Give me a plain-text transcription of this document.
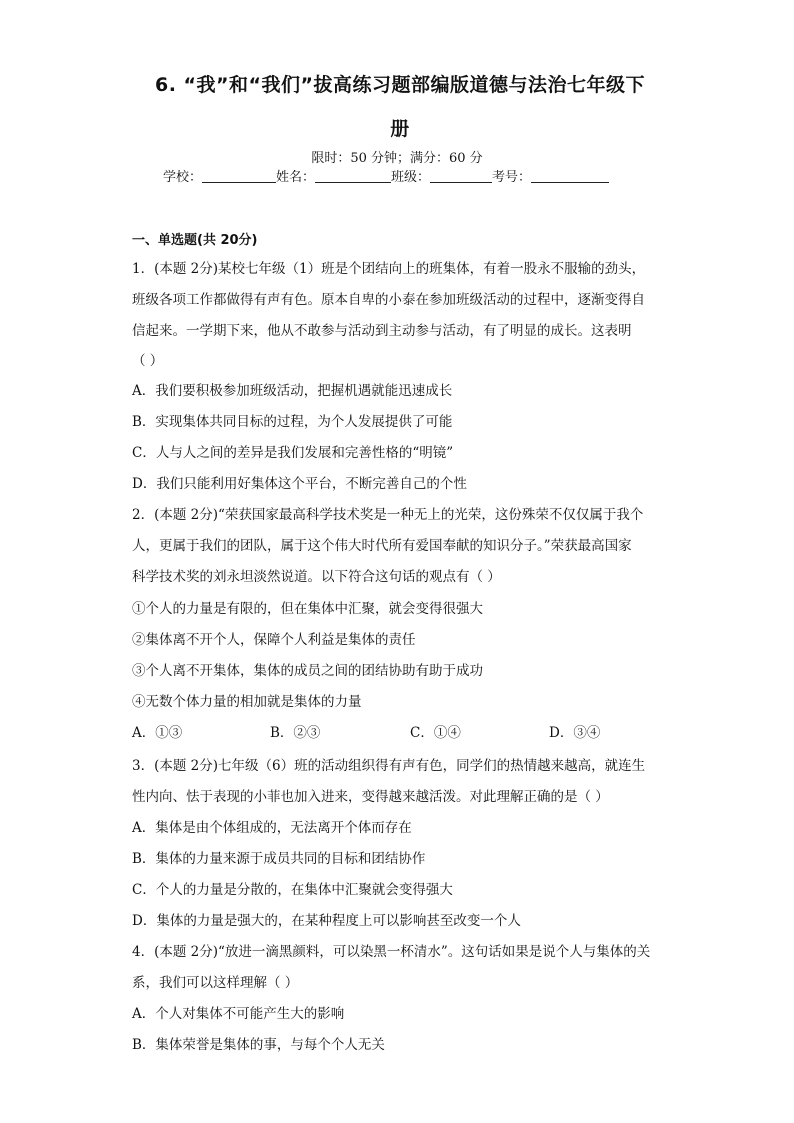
6. “我”和“我们”拔高练习题部编版道德与法治七年级下
册
限时：50 分钟；满分：60 分
学校：	姓名：	班级：	考号：
一、单选题(共 20分)
1．(本题 2分)某校七年级（1）班是个团结向上的班集体，有着一股永不服输的劲头，
班级各项工作都做得有声有色。原本自卑的小泰在参加班级活动的过程中，逐渐变得自
信起来。一学期下来，他从不敢参与活动到主动参与活动，有了明显的成长。这表明
（ ）
A．我们要积极参加班级活动，把握机遇就能迅速成长
B．实现集体共同目标的过程，为个人发展提供了可能
C．人与人之间的差异是我们发展和完善性格的“明镜”
D．我们只能利用好集体这个平台，不断完善自己的个性
2．(本题 2分)“荣获国家最高科学技术奖是一种无上的光荣，这份殊荣不仅仅属于我个
人，更属于我们的团队，属于这个伟大时代所有爱国奉献的知识分子。”荣获最高国家
科学技术奖的刘永坦淡然说道。以下符合这句话的观点有（ ）
①个人的力量是有限的，但在集体中汇聚，就会变得很强大
②集体离不开个人，保障个人利益是集体的责任
③个人离不开集体，集体的成员之间的团结协助有助于成功
④无数个体力量的相加就是集体的力量
A．①③	B．②③	C．①④	D．③④
3．(本题 2分)七年级（6）班的活动组织得有声有色，同学们的热情越来越高，就连生
性内向、怯于表现的小菲也加入进来，变得越来越活泼。对此理解正确的是（ ）
A．集体是由个体组成的，无法离开个体而存在
B．集体的力量来源于成员共同的目标和团结协作
C．个人的力量是分散的，在集体中汇聚就会变得强大
D．集体的力量是强大的，在某种程度上可以影响甚至改变一个人
4．(本题 2分)“放进一滴黑颜料，可以染黑一杯清水”。这句话如果是说个人与集体的关
系，我们可以这样理解（ ）
A．个人对集体不可能产生大的影响
B．集体荣誉是集体的事，与每个个人无关
